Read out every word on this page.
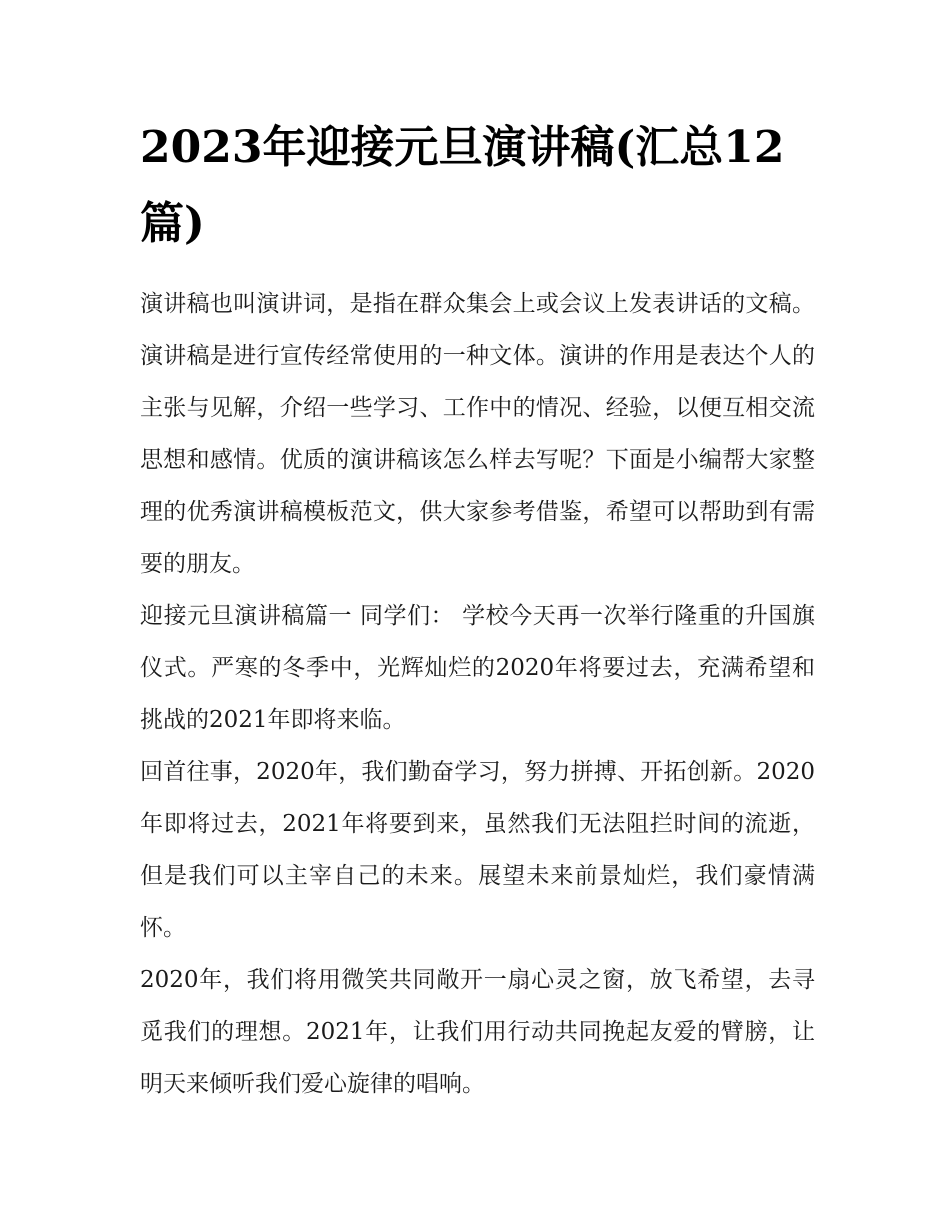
2023年迎接元旦演讲稿(汇总12篇)

演讲稿也叫演讲词，是指在群众集会上或会议上发表讲话的文稿。演讲稿是进行宣传经常使用的一种文体。演讲的作用是表达个人的主张与见解，介绍一些学习、工作中的情况、经验，以便互相交流思想和感情。优质的演讲稿该怎么样去写呢？下面是小编帮大家整理的优秀演讲稿模板范文，供大家参考借鉴，希望可以帮助到有需要的朋友。

迎接元旦演讲稿篇一 同学们： 学校今天再一次举行隆重的升国旗仪式。严寒的冬季中，光辉灿烂的2020年将要过去，充满希望和挑战的2021年即将来临。

回首往事，2020年，我们勤奋学习，努力拼搏、开拓创新。2020年即将过去，2021年将要到来，虽然我们无法阻拦时间的流逝，但是我们可以主宰自己的未来。展望未来前景灿烂，我们豪情满怀。

2020年，我们将用微笑共同敞开一扇心灵之窗，放飞希望，去寻觅我们的理想。2021年，让我们用行动共同挽起友爱的臂膀，让明天来倾听我们爱心旋律的唱响。
